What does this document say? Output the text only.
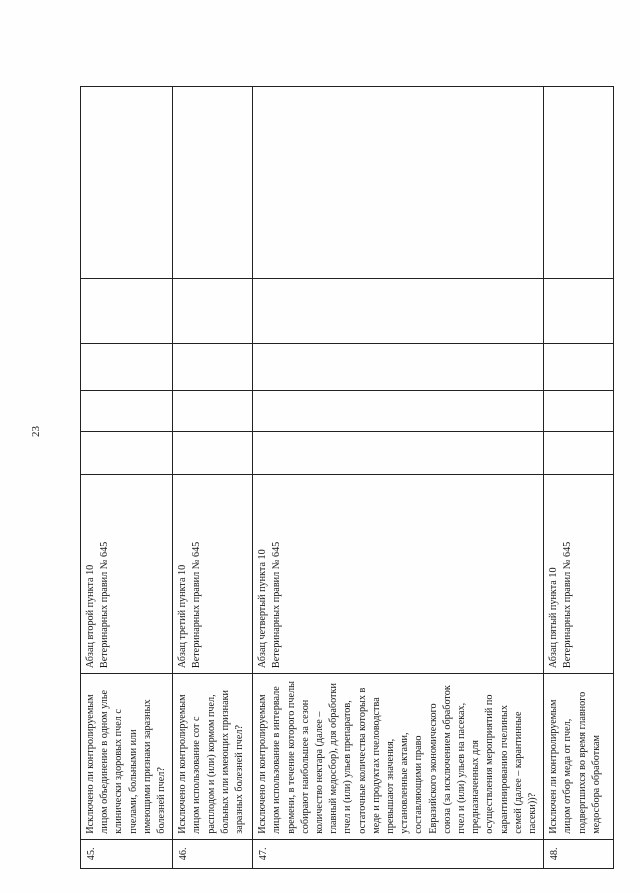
23
45.	Исключено ли контролируемым лицом объединение в одном улье клинически здоровых пчел с пчелами, больными или имеющими признаки заразных болезней пчел?	Абзац второй пункта 10 Ветеринарных правил № 645					

46.	Исключено ли контролируемым лицом использование сот с расплодом и (или) кормом пчел, больных или имеющих признаки заразных болезней пчел?	Абзац третий пункта 10 Ветеринарных правил № 645					

47.	Исключено ли контролируемым лицом использование в интервале времени, в течение которого пчелы собирают наибольшее за сезон количество нектара (далее – главный медосбор), для обработки пчел и (или) ульев препаратов, остаточные количества которых в меде и продуктах пчеловодства превышают значения, установленные актами, составляющими право Евразийского экономического союза (за исключением обработок пчел и (или) ульев на пасеках, предназначенных для осуществления мероприятий по карантинированию пчелиных семей (далее – карантинные пасеки))?	Абзац четвертый пункта 10 Ветеринарных правил № 645					

48.	Исключен ли контролируемым лицом отбор меда от пчел, подвергшихся во время главного медосбора обработкам	Абзац пятый пункта 10 Ветеринарных правил № 645					
